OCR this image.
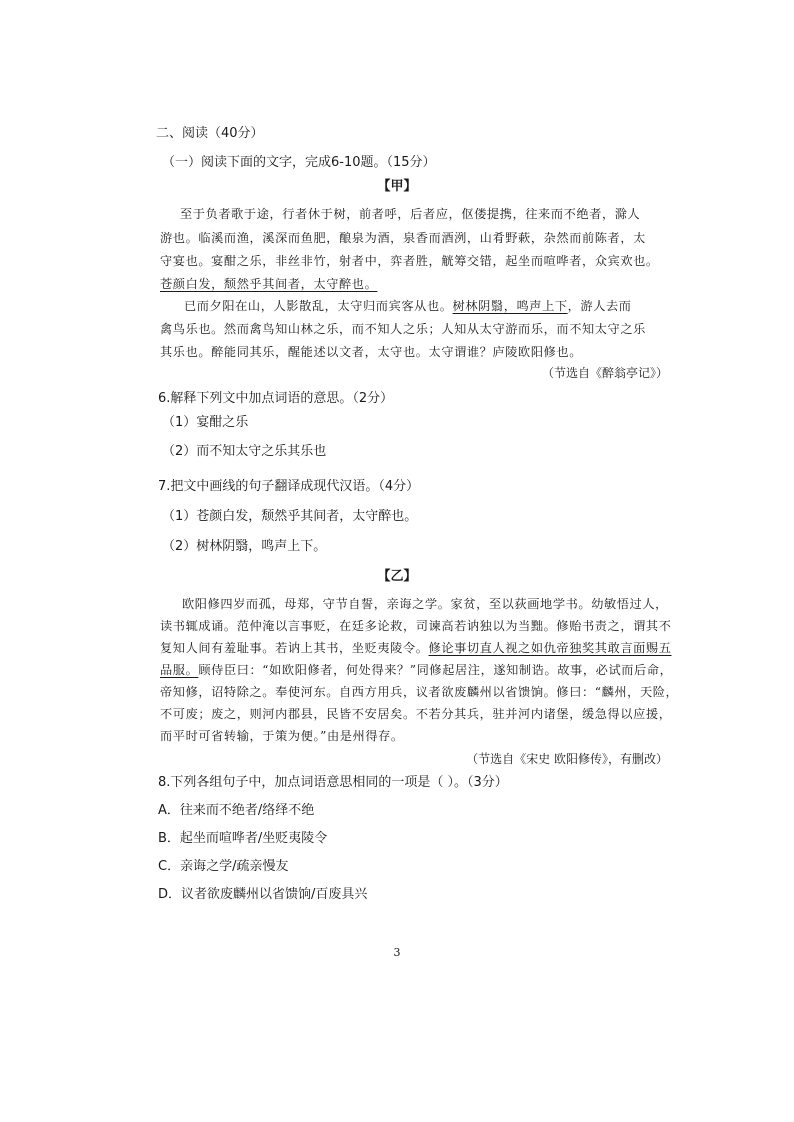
二、阅读（40分）
（一）阅读下面的文字，完成6-10题。（15分）
【甲】
至于负者歌于途，行者休于树，前者呼，后者应，伛偻提携，往来而不绝者，滁人
游也。临溪而渔，溪深而鱼肥，酿泉为酒，泉香而酒洌，山肴野蔌，杂然而前陈者，太
守宴也。宴酣之乐，非丝非竹，射者中，弈者胜，觥筹交错，起坐而喧哗者，众宾欢也。
苍颜白发，颓然乎其间者，太守醉也。
已而夕阳在山，人影散乱，太守归而宾客从也。树林阴翳，鸣声上下，游人去而
禽鸟乐也。然而禽鸟知山林之乐，而不知人之乐；人知从太守游而乐，而不知太守之乐
其乐也。醉能同其乐，醒能述以文者，太守也。太守谓谁？庐陵欧阳修也。
（节选自《醉翁亭记》）
6.解释下列文中加点词语的意思。（2分）
（1）宴酣之乐
（2）而不知太守之乐其乐也
7.把文中画线的句子翻译成现代汉语。（4分）
（1）苍颜白发，颓然乎其间者，太守醉也。
（2）树林阴翳，鸣声上下。
【乙】
欧阳修四岁而孤，母郑，守节自誓，亲诲之学。家贫，至以荻画地学书。幼敏悟过人，
读书辄成诵。范仲淹以言事贬，在廷多论救，司谏高若讷独以为当黜。修贻书责之，谓其不
复知人间有羞耻事。若讷上其书，坐贬夷陵令。修论事切直人视之如仇帝独奖其敢言面赐五
品服。顾侍臣曰：“如欧阳修者，何处得来？”同修起居注，遂知制诰。故事，必试而后命，
帝知修，诏特除之。奉使河东。自西方用兵，议者欲废麟州以省馈饷。修曰：“麟州，天险，
不可废；废之，则河内郡县，民皆不安居矣。不若分其兵，驻并河内诸堡，缓急得以应援，
而平时可省转输，于策为便。”由是州得存。
（节选自《宋史 欧阳修传》，有删改）
8.下列各组句子中，加点词语意思相同的一项是（ ）。（3分）
A．往来而不绝者/络绎不绝
B．起坐而喧哗者/坐贬夷陵令
C．亲诲之学/疏亲慢友
D．议者欲废麟州以省馈饷/百废具兴
3
